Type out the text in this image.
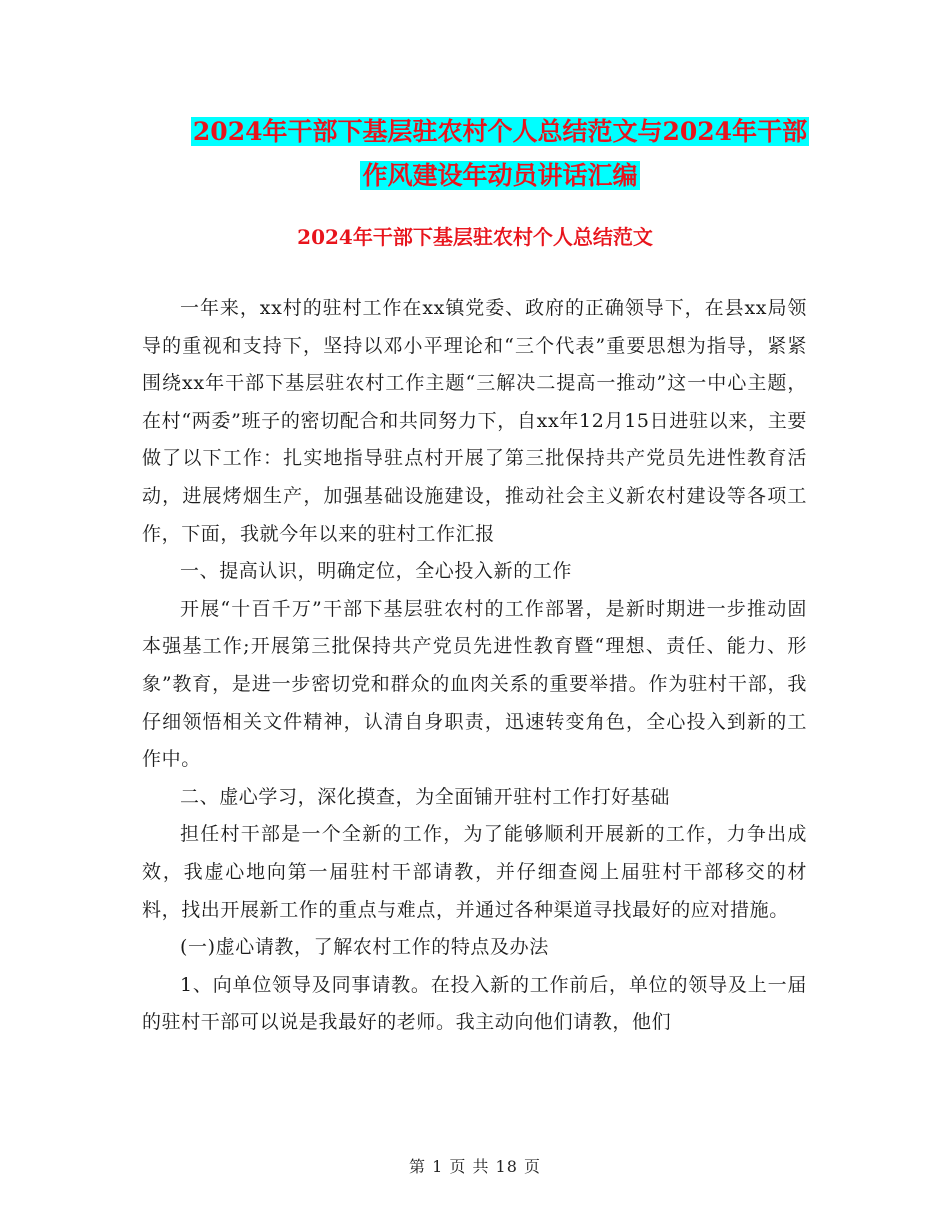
2024年干部下基层驻农村个人总结范文与2024年干部
作风建设年动员讲话汇编
2024年干部下基层驻农村个人总结范文

一年来，xx村的驻村工作在xx镇党委、政府的正确领导下，在县xx局领导的重视和支持下，坚持以邓小平理论和“三个代表”重要思想为指导，紧紧围绕xx年干部下基层驻农村工作主题“三解决二提高一推动”这一中心主题，在村“两委”班子的密切配合和共同努力下，自xx年12月15日进驻以来，主要做了以下工作：扎实地指导驻点村开展了第三批保持共产党员先进性教育活动，进展烤烟生产，加强基础设施建设，推动社会主义新农村建设等各项工作，下面，我就今年以来的驻村工作汇报

一、提高认识，明确定位，全心投入新的工作

开展“十百千万”干部下基层驻农村的工作部署，是新时期进一步推动固本强基工作;开展第三批保持共产党员先进性教育暨“理想、责任、能力、形象”教育，是进一步密切党和群众的血肉关系的重要举措。作为驻村干部，我仔细领悟相关文件精神，认清自身职责，迅速转变角色，全心投入到新的工作中。

二、虚心学习，深化摸查，为全面铺开驻村工作打好基础

担任村干部是一个全新的工作，为了能够顺利开展新的工作，力争出成效，我虚心地向第一届驻村干部请教，并仔细查阅上届驻村干部移交的材料，找出开展新工作的重点与难点，并通过各种渠道寻找最好的应对措施。

(一)虚心请教，了解农村工作的特点及办法

1、向单位领导及同事请教。在投入新的工作前后，单位的领导及上一届的驻村干部可以说是我最好的老师。我主动向他们请教，他们

第 1 页 共 18 页
